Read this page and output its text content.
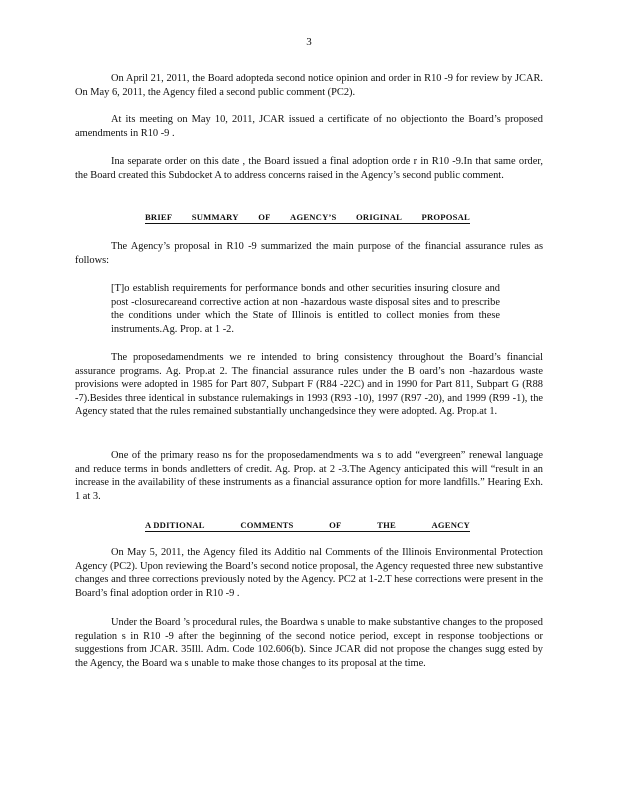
3
On April 21, 2011, the Board adopteda second notice opinion and order in R10 -9 for review by JCAR. On May 6, 2011, the Agency filed a second public comment (PC2).
At its meeting on May 10, 2011, JCAR issued a certificate of no objectionto the Board’s proposed amendments in R10 -9 .
Ina separate order on this date , the Board issued a final adoption orde r in R10 -9.In that same order, the Board created this Subdocket A to address concerns raised in the Agency’s second public comment.
BRIEF SUMMARY OF AGENCY’S ORIGINAL PROPOSAL
The Agency’s proposal in R10 -9 summarized the main purpose of the financial assurance rules as follows:
[T]o establish requirements for performance bonds and other securities insuring closure and post -closurecareand corrective action at non -hazardous waste disposal sites and to prescribe the conditions under which the State of Illinois is entitled to collect monies from these instruments.Ag. Prop. at 1 -2.
The proposedamendments we re intended to bring consistency throughout the Board’s financial assurance programs. Ag. Prop.at 2. The financial assurance rules under the B oard’s non -hazardous waste provisions were adopted in 1985 for Part 807, Subpart F (R84 -22C) and in 1990 for Part 811, Subpart G (R88 -7).Besides three identical in substance rulemakings in 1993 (R93 -10), 1997 (R97 -20), and 1999 (R99 -1), the Agency stated that the rules remained substantially unchangedsince they were adopted. Ag. Prop.at 1.
One of the primary reaso ns for the proposedamendments wa s to add “evergreen” renewal language and reduce terms in bonds andletters of credit. Ag. Prop. at 2 -3.The Agency anticipated this will “result in an increase in the availability of these instruments as a financial assurance option for more landfills.” Hearing Exh. 1 at 3.
A DDITIONAL	COMMENTS	OF	THE	AGENCY
On May 5, 2011, the Agency filed its Additio nal Comments of the Illinois Environmental Protection Agency (PC2). Upon reviewing the Board’s second notice proposal, the Agency requested three new substantive changes and three corrections previously noted by the Agency. PC2 at 1-2.T hese corrections were present in the Board’s final adoption order in R10 -9 .
Under the Board ’s procedural rules, the Boardwa s unable to make substantive changes to the proposed regulation s in R10 -9 after the beginning of the second notice period, except in response toobjections or suggestions from JCAR. 35Ill. Adm. Code 102.606(b). Since JCAR did not propose the changes sugg ested by the Agency, the Board wa s unable to make those changes to its proposal at the time.
